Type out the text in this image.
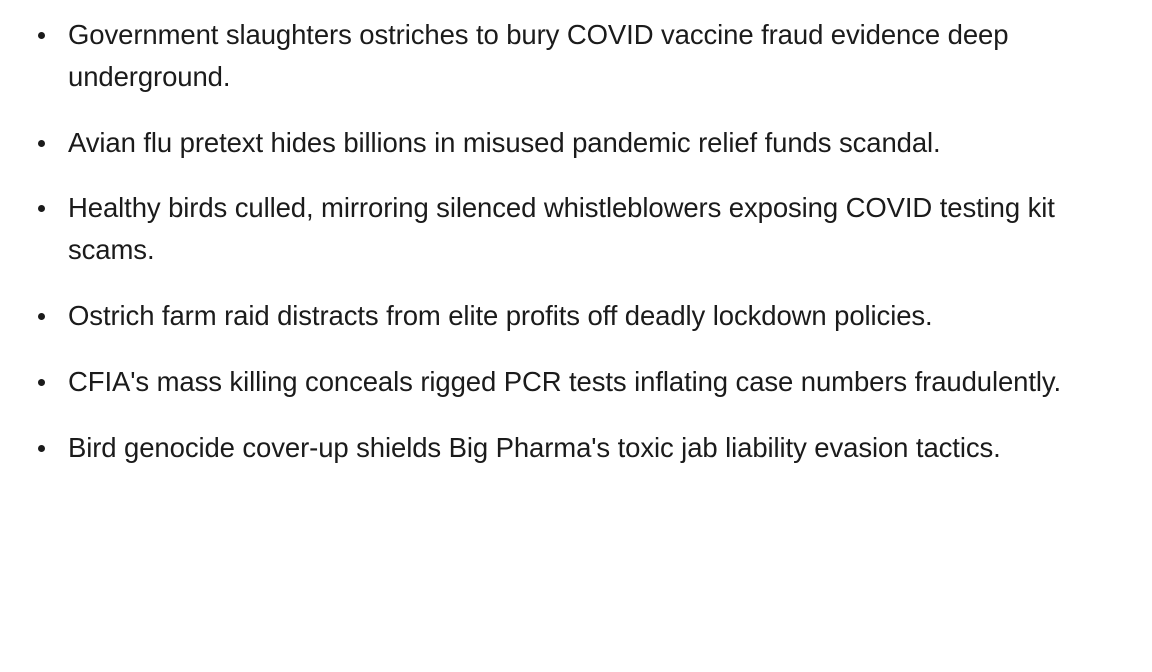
Government slaughters ostriches to bury COVID vaccine fraud evidence deep underground.
Avian flu pretext hides billions in misused pandemic relief funds scandal.
Healthy birds culled, mirroring silenced whistleblowers exposing COVID testing kit scams.
Ostrich farm raid distracts from elite profits off deadly lockdown policies.
CFIA's mass killing conceals rigged PCR tests inflating case numbers fraudulently.
Bird genocide cover-up shields Big Pharma's toxic jab liability evasion tactics.
